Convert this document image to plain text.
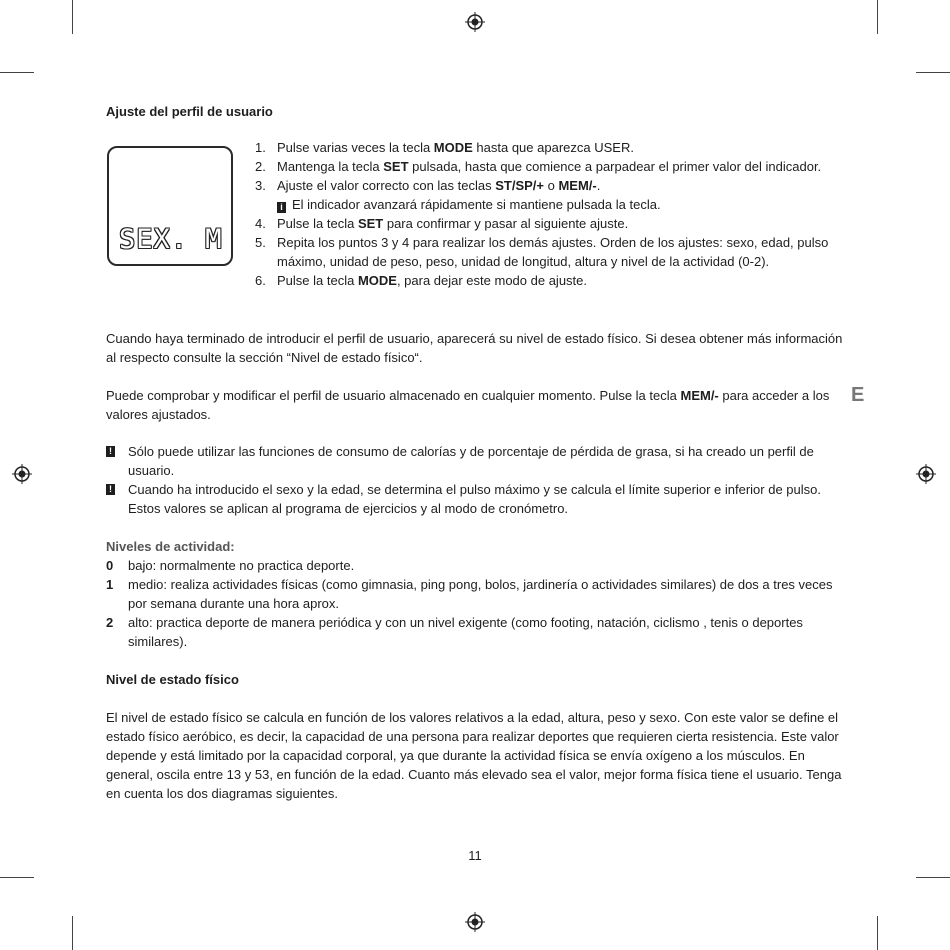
Ajuste del perfil de usuario
SEX. M
1. Pulse varias veces la tecla MODE hasta que aparezca USER.
2. Mantenga la tecla SET pulsada, hasta que comience a parpadear el primer valor del indicador.
3. Ajuste el valor correcto con las teclas ST/SP/+ o MEM/-.
i El indicador avanzará rápidamente si mantiene pulsada la tecla.
4. Pulse la tecla SET para confirmar y pasar al siguiente ajuste.
5. Repita los puntos 3 y 4 para realizar los demás ajustes. Orden de los ajustes: sexo, edad, pulso máximo, unidad de peso, peso, unidad de longitud, altura y nivel de la actividad (0-2).
6. Pulse la tecla MODE, para dejar este modo de ajuste.

Cuando haya terminado de introducir el perfil de usuario, aparecerá su nivel de estado físico. Si desea obtener más información al respecto consulte la sección “Nivel de estado físico“.

Puede comprobar y modificar el perfil de usuario almacenado en cualquier momento. Pulse la tecla MEM/- para acceder a los valores ajustados.

E
! Sólo puede utilizar las funciones de consumo de calorías y de porcentaje de pérdida de grasa, si ha creado un perfil de usuario.
! Cuando ha introducido el sexo y la edad, se determina el pulso máximo y se calcula el límite superior e inferior de pulso. Estos valores se aplican al programa de ejercicios y al modo de cronómetro.
Niveles de actividad:
0 bajo: normalmente no practica deporte.
1 medio: realiza actividades físicas (como gimnasia, ping pong, bolos, jardinería o actividades similares) de dos a tres veces por semana durante una hora aprox.
2 alto: practica deporte de manera periódica y con un nivel exigente (como footing, natación, ciclismo , tenis o deportes similares).
Nivel de estado físico

El nivel de estado físico se calcula en función de los valores relativos a la edad, altura, peso y sexo. Con este valor se define el estado físico aeróbico, es decir, la capacidad de una persona para realizar deportes que requieren cierta resistencia. Este valor depende y está limitado por la capacidad corporal, ya que durante la actividad física se envía oxígeno a los músculos. En general, oscila entre 13 y 53, en función de la edad. Cuanto más elevado sea el valor, mejor forma física tiene el usuario. Tenga en cuenta los dos diagramas siguientes.

11
